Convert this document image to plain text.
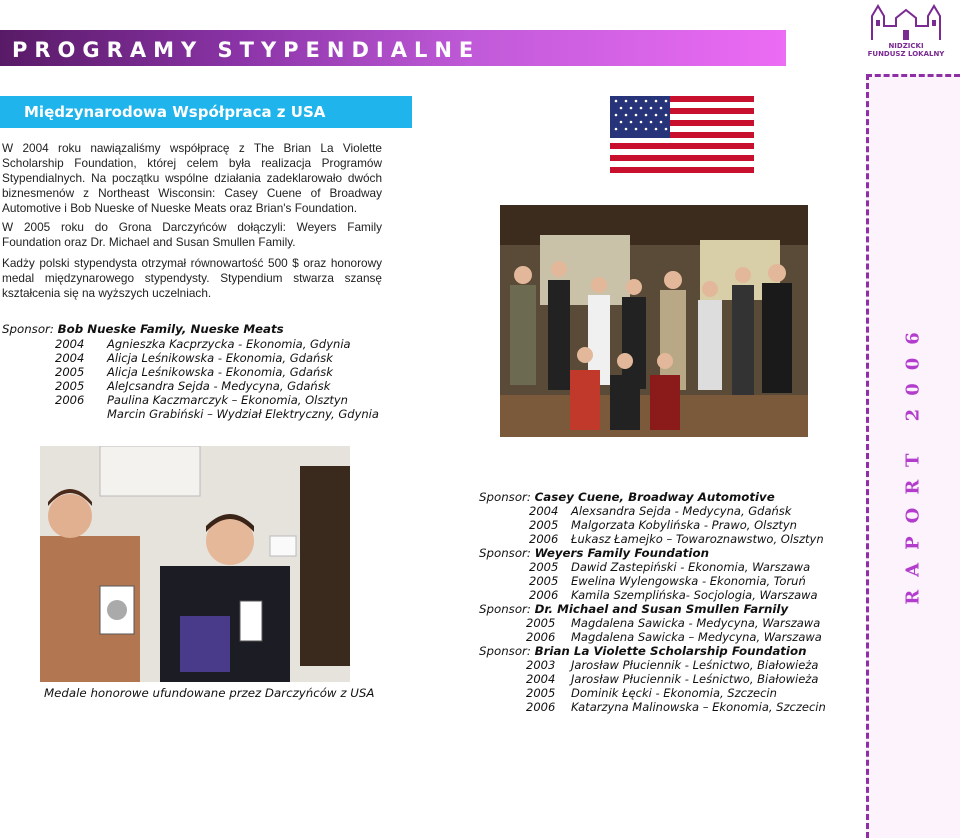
PROGRAMY STYPENDIALNE	NIDZICKI
FUNDUSZ LOKALNY
RAPORT 2006
Międzynarodowa Współpraca z USA
W 2004 roku nawiązaliśmy współpracę z The Brian La Violette Scholarship Foundation, której celem była realizacja Programów Stypendialnych. Na początku wspólne działania zadeklarowało dwóch biznesmenów z Northeast Wisconsin: Casey Cuene of Broadway Automotive i Bob Nueske of Nueske Meats oraz Brian's Foundation.
W 2005 roku do Grona Darczyńców dołączyli: Weyers Family Foundation oraz Dr. Michael and Susan Smullen Family.
Kadży polski stypendysta otrzymał równowartość 500 $ oraz honorowy medal międzynarowego stypendysty. Stypendium stwarza szansę kształcenia się na wyższych uczelniach.
Sponsor: Bob Nueske Family, Nueske Meats
2004 Agnieszka Kacprzycka - Ekonomia, Gdynia
2004 Alicja Leśnikowska - Ekonomia, Gdańsk
2005 Alicja Leśnikowska - Ekonomia, Gdańsk
2005 AleJcsandra Sejda - Medycyna, Gdańsk
2006 Paulina Kaczmarczyk – Ekonomia, Olsztyn
Marcin Grabiński – Wydział Elektryczny, Gdynia
Medale honorowe ufundowane przez Darczyńców z USA
Sponsor: Casey Cuene, Broadway Automotive
2004 Alexsandra Sejda - Medycyna, Gdańsk
2005 Malgorzata Kobylińska - Prawo, Olsztyn
2006 Łukasz Łamejko – Towaroznawstwo, Olsztyn
Sponsor: Weyers Family Foundation
2005 Dawid Zastepiński - Ekonomia, Warszawa
2005 Ewelina Wylengowska - Ekonomia, Toruń
2006 Kamila Szemplińska- Socjologia, Warszawa
Sponsor: Dr. Michael and Susan Smullen Farnily
2005 Magdalena Sawicka - Medycyna, Warszawa
2006 Magdalena Sawicka – Medycyna, Warszawa
Sponsor: Brian La Violette Scholarship Foundation
2003 Jarosław Płuciennik - Leśnictwo, Białowieża
2004 Jarosław Płuciennik - Leśnictwo, Białowieża
2005 Dominik Łęcki - Ekonomia, Szczecin
2006 Katarzyna Malinowska – Ekonomia, Szczecin
